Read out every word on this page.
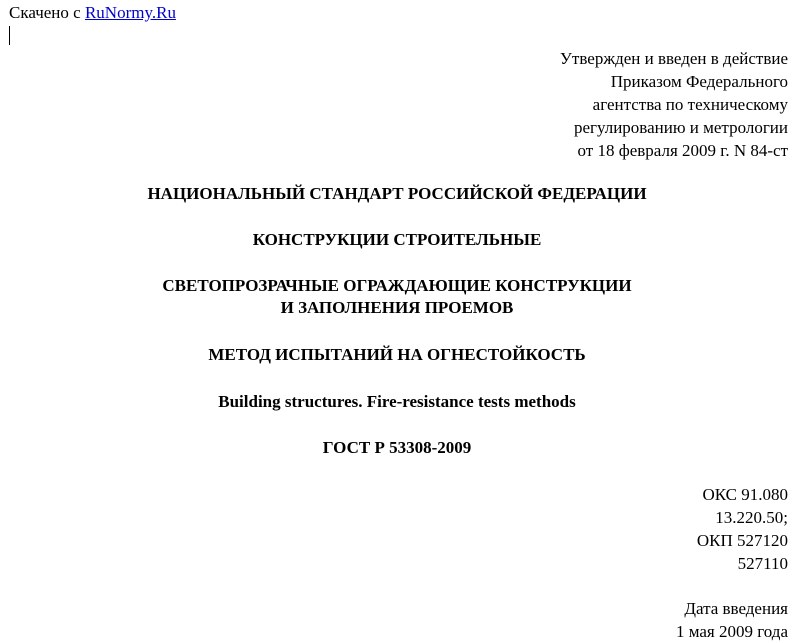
Скачено с RuNormy.Ru
Утвержден и введен в действие
Приказом Федерального
агентства по техническому
регулированию и метрологии
от 18 февраля 2009 г. N 84-ст
НАЦИОНАЛЬНЫЙ СТАНДАРТ РОССИЙСКОЙ ФЕДЕРАЦИИ
КОНСТРУКЦИИ СТРОИТЕЛЬНЫЕ
СВЕТОПРОЗРАЧНЫЕ ОГРАЖДАЮЩИЕ КОНСТРУКЦИИ
И ЗАПОЛНЕНИЯ ПРОЕМОВ
МЕТОД ИСПЫТАНИЙ НА ОГНЕСТОЙКОСТЬ
Building structures. Fire-resistance tests methods
ГОСТ Р 53308-2009
ОКС 91.080
13.220.50;
ОКП 527120
527110
Дата введения
1 мая 2009 года
